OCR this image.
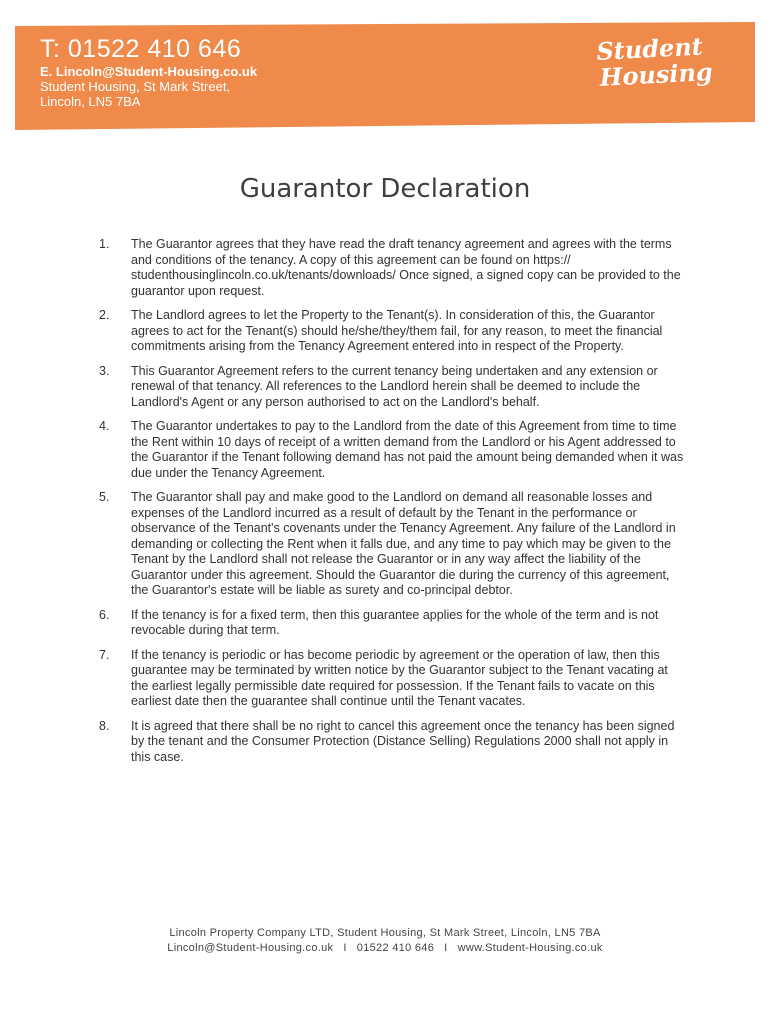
T: 01522 410 646
E. Lincoln@Student-Housing.co.uk
Student Housing, St Mark Street,
Lincoln, LN5 7BA
Student
Housing
Guarantor Declaration
1.	The Guarantor agrees that they have read the draft tenancy agreement and agrees with the terms and conditions of the tenancy. A copy of this agreement can be found on https:// studenthousinglincoln.co.uk/tenants/downloads/ Once signed, a signed copy can be provided to the guarantor upon request.
2.	The Landlord agrees to let the Property to the Tenant(s). In consideration of this, the Guarantor agrees to act for the Tenant(s) should he/she/they/them fail, for any reason, to meet the financial commitments arising from the Tenancy Agreement entered into in respect of the Property.
3.	This Guarantor Agreement refers to the current tenancy being undertaken and any extension or renewal of that tenancy. All references to the Landlord herein shall be deemed to include the Landlord's Agent or any person authorised to act on the Landlord's behalf.
4.	The Guarantor undertakes to pay to the Landlord from the date of this Agreement from time to time the Rent within 10 days of receipt of a written demand from the Landlord or his Agent addressed to the Guarantor if the Tenant following demand has not paid the amount being demanded when it was due under the Tenancy Agreement.
5.	The Guarantor shall pay and make good to the Landlord on demand all reasonable losses and expenses of the Landlord incurred as a result of default by the Tenant in the performance or observance of the Tenant's covenants under the Tenancy Agreement. Any failure of the Landlord in demanding or collecting the Rent when it falls due, and any time to pay which may be given to the Tenant by the Landlord shall not release the Guarantor or in any way affect the liability of the Guarantor under this agreement. Should the Guarantor die during the currency of this agreement, the Guarantor's estate will be liable as surety and co-principal debtor.
6.	If the tenancy is for a fixed term, then this guarantee applies for the whole of the term and is not revocable during that term.
7.	If the tenancy is periodic or has become periodic by agreement or the operation of law, then this guarantee may be terminated by written notice by the Guarantor subject to the Tenant vacating at the earliest legally permissible date required for possession. If the Tenant fails to vacate on this earliest date then the guarantee shall continue until the Tenant vacates.
8.	It is agreed that there shall be no right to cancel this agreement once the tenancy has been signed by the tenant and the Consumer Protection (Distance Selling) Regulations 2000 shall not apply in this case.
Lincoln Property Company LTD, Student Housing, St Mark Street, Lincoln, LN5 7BA
Lincoln@Student-Housing.co.uk   I   01522 410 646   I   www.Student-Housing.co.uk
